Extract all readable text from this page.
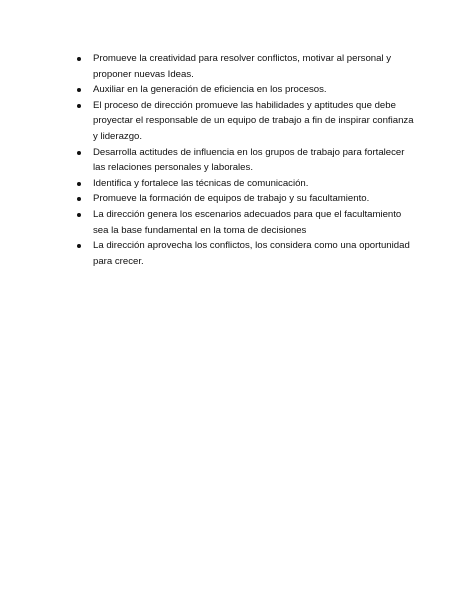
Promueve la creatividad para resolver conflictos, motivar al personal y
proponer nuevas Ideas.
Auxiliar en la generación de eficiencia en los procesos.
El proceso de dirección promueve las habilidades y aptitudes que debe
proyectar el responsable de un equipo de trabajo a fin de inspirar confianza
y liderazgo.
Desarrolla actitudes de influencia en los grupos de trabajo para fortalecer
las relaciones personales y laborales.
Identifica y fortalece las técnicas de comunicación.
Promueve la formación de equipos de trabajo y su facultamiento.
La dirección genera los escenarios adecuados para que el facultamiento
sea la base fundamental en la toma de decisiones
La dirección aprovecha los conflictos, los considera como una oportunidad
para crecer.
